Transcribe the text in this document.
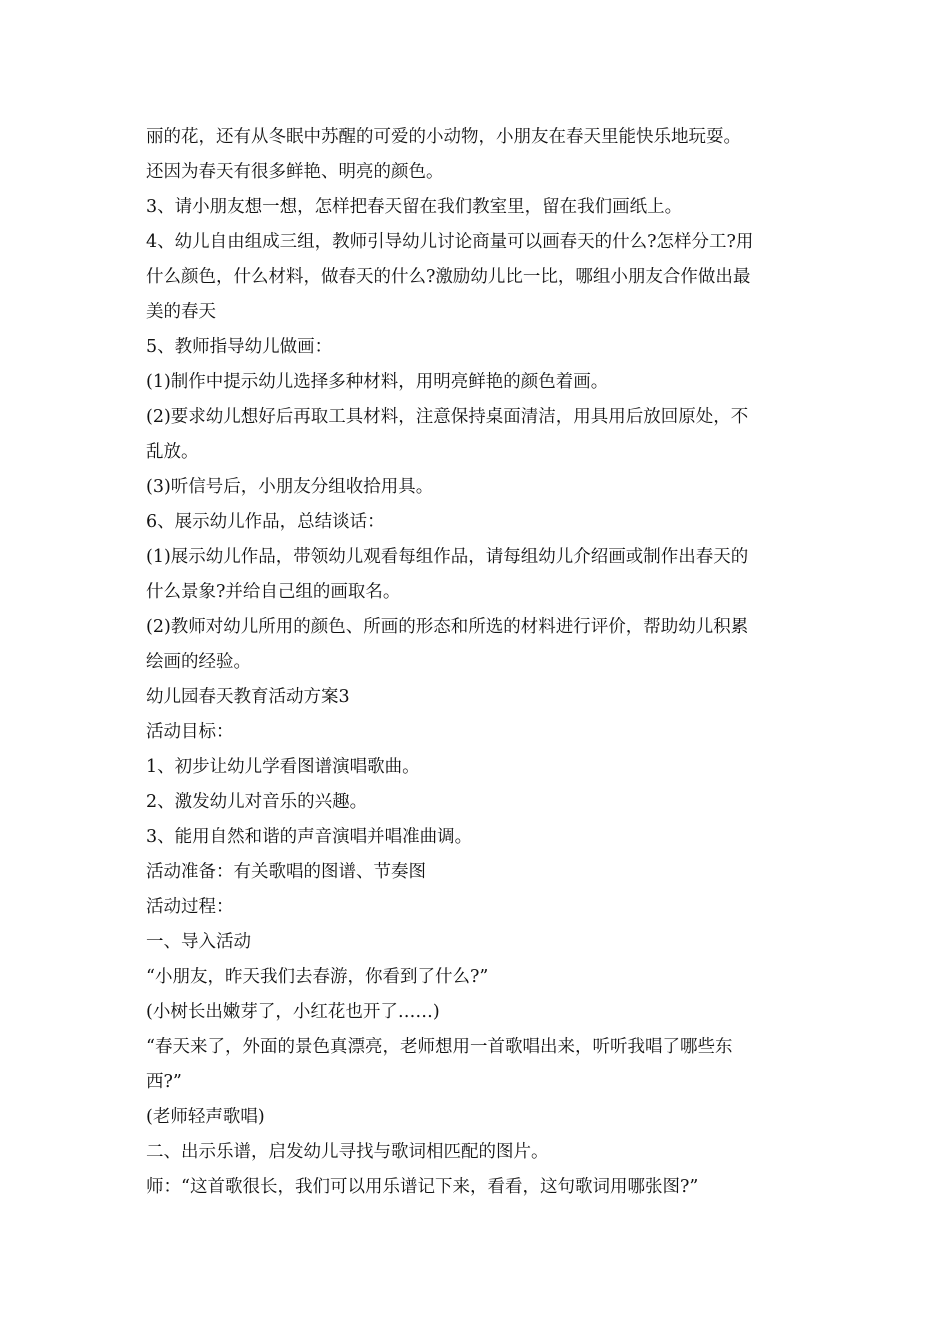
丽的花，还有从冬眠中苏醒的可爱的小动物，小朋友在春天里能快乐地玩耍。
还因为春天有很多鲜艳、明亮的颜色。
3、请小朋友想一想，怎样把春天留在我们教室里，留在我们画纸上。
4、幼儿自由组成三组，教师引导幼儿讨论商量可以画春天的什么?怎样分工?用
什么颜色，什么材料，做春天的什么?激励幼儿比一比，哪组小朋友合作做出最
美的春天
5、教师指导幼儿做画：
(1)制作中提示幼儿选择多种材料，用明亮鲜艳的颜色着画。
(2)要求幼儿想好后再取工具材料，注意保持桌面清洁，用具用后放回原处，不
乱放。
(3)听信号后，小朋友分组收拾用具。
6、展示幼儿作品，总结谈话：
(1)展示幼儿作品，带领幼儿观看每组作品，请每组幼儿介绍画或制作出春天的
什么景象?并给自己组的画取名。
(2)教师对幼儿所用的颜色、所画的形态和所选的材料进行评价，帮助幼儿积累
绘画的经验。
幼儿园春天教育活动方案3
活动目标：
1、初步让幼儿学看图谱演唱歌曲。
2、激发幼儿对音乐的兴趣。
3、能用自然和谐的声音演唱并唱准曲调。
活动准备：有关歌唱的图谱、节奏图
活动过程：
一、导入活动
“小朋友，昨天我们去春游，你看到了什么?”
(小树长出嫩芽了，小红花也开了……)
“春天来了，外面的景色真漂亮，老师想用一首歌唱出来，听听我唱了哪些东
西?”
(老师轻声歌唱)
二、出示乐谱，启发幼儿寻找与歌词相匹配的图片。
师：“这首歌很长，我们可以用乐谱记下来，看看，这句歌词用哪张图?”
